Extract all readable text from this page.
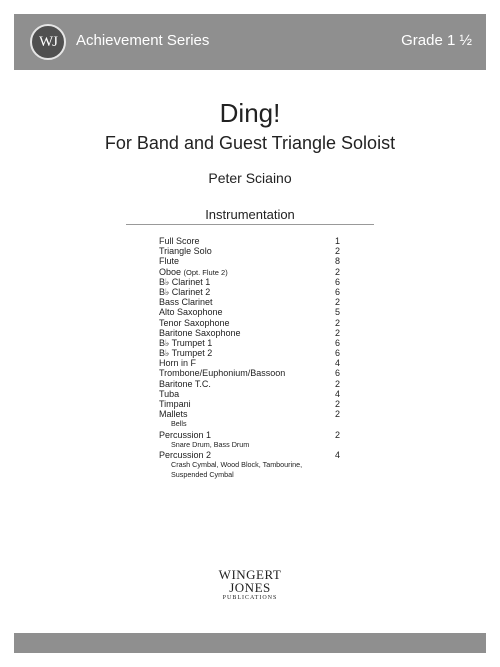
WJ	Achievement Series	Grade 1 ½
Ding!
For Band and Guest Triangle Soloist
Peter Sciaino
Instrumentation
Full Score	1
Triangle Solo	2
Flute	8
Oboe (Opt. Flute 2)	2
B♭ Clarinet 1	6
B♭ Clarinet 2	6
Bass Clarinet	2
Alto Saxophone	5
Tenor Saxophone	2
Baritone Saxophone	2
B♭ Trumpet 1	6
B♭ Trumpet 2	6
Horn in F	4
Trombone/Euphonium/Bassoon	6
Baritone T.C.	2
Tuba	4
Timpani	2
Mallets	2
Bells
Percussion 1	2
Snare Drum, Bass Drum
Percussion 2	4
Crash Cymbal, Wood Block, Tambourine,
Suspended Cymbal
WINGERT JONES
PUBLICATIONS
